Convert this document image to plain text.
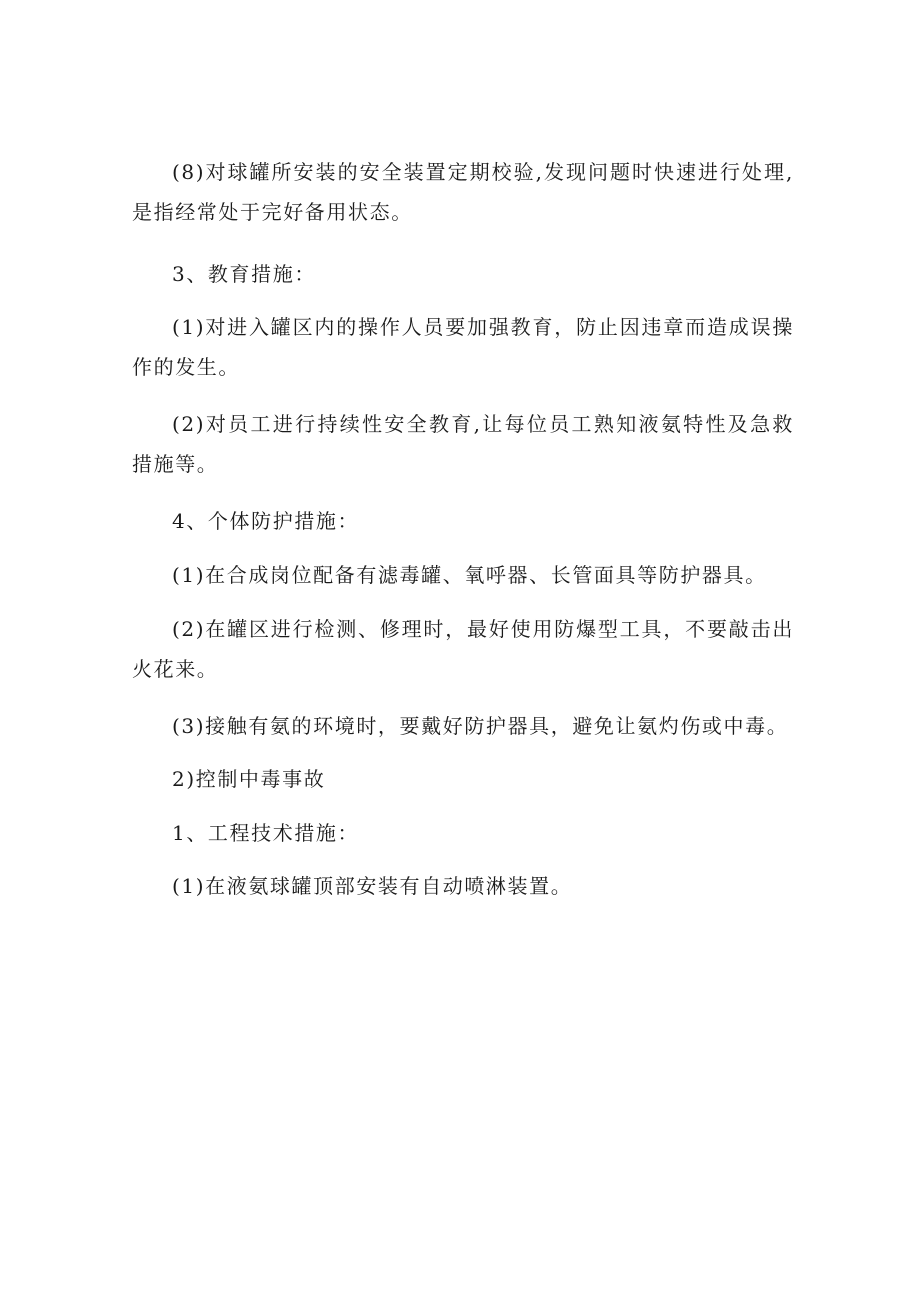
(8)对球罐所安装的安全装置定期校验,发现问题时快速进行处理,是指经常处于完好备用状态。

3、教育措施：

(1)对进入罐区内的操作人员要加强教育，防止因违章而造成误操作的发生。

(2)对员工进行持续性安全教育,让每位员工熟知液氨特性及急救措施等。

4、个体防护措施：

(1)在合成岗位配备有滤毒罐、氧呼器、长管面具等防护器具。

(2)在罐区进行检测、修理时，最好使用防爆型工具，不要敲击出火花来。

(3)接触有氨的环境时，要戴好防护器具，避免让氨灼伤或中毒。

2)控制中毒事故

1、工程技术措施：

(1)在液氨球罐顶部安装有自动喷淋装置。
